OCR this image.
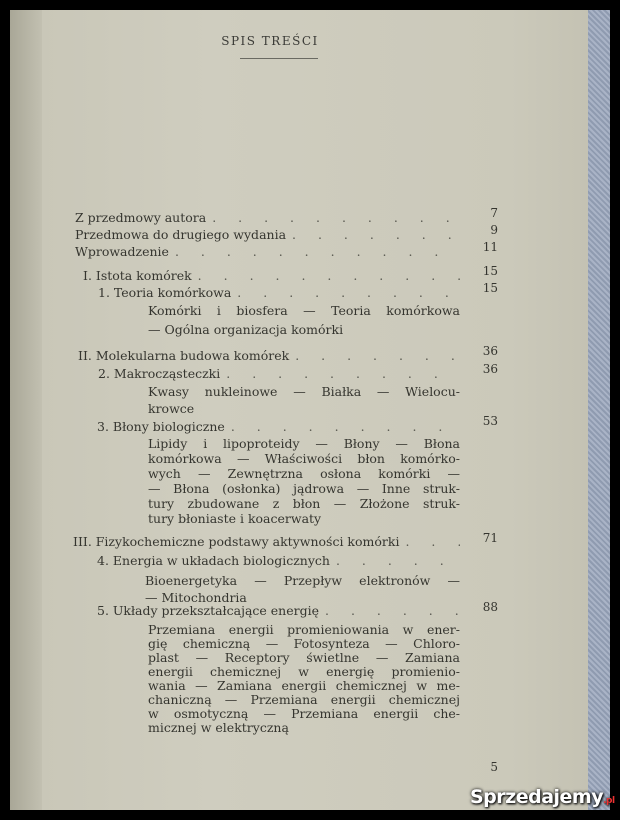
SPIS TREŚCI
Z przedmowy autora . . .	7
Przedmowa do drugiego wydania . . .	9
Wprowadzenie . . .	11
I. Istota komórek . . .	15
1. Teoria komórkowa . . .	15
Komórki i biosfera — Teoria komórkowa
— Ogólna organizacja komórki
II. Molekularna budowa komórek . . .	36
2. Makrocząsteczki . . .	36
Kwasy nukleinowe — Białka — Wielocu-
krowce
3. Błony biologiczne . . .	53
Lipidy i lipoproteidy — Błony — Błona
komórkowa — Właściwości błon komórko-
wych — Zewnętrzna osłona komórki —
— Błona (osłonka) jądrowa — Inne struk-
tury zbudowane z błon — Złożone struk-
tury błoniaste i koacerwaty
III. Fizykochemiczne podstawy aktywności komórki . . .	71
4. Energia w układach biologicznych
. . .
Bioenergetyka — Przepływ elektronów —
— Mitochondria
5. Układy przekształcające energię . . .	88
Przemiana energii promieniowania w ener-
gię chemiczną — Fotosynteza — Chloro-
plast — Receptory świetlne — Zamiana
energii chemicznej w energię promienio-
wania — Zamiana energii chemicznej w me-
chaniczną — Przemiana energii chemicznej
w osmotyczną — Przemiana energii che-
micznej w elektryczną
5
Sprzedajemy.pl
